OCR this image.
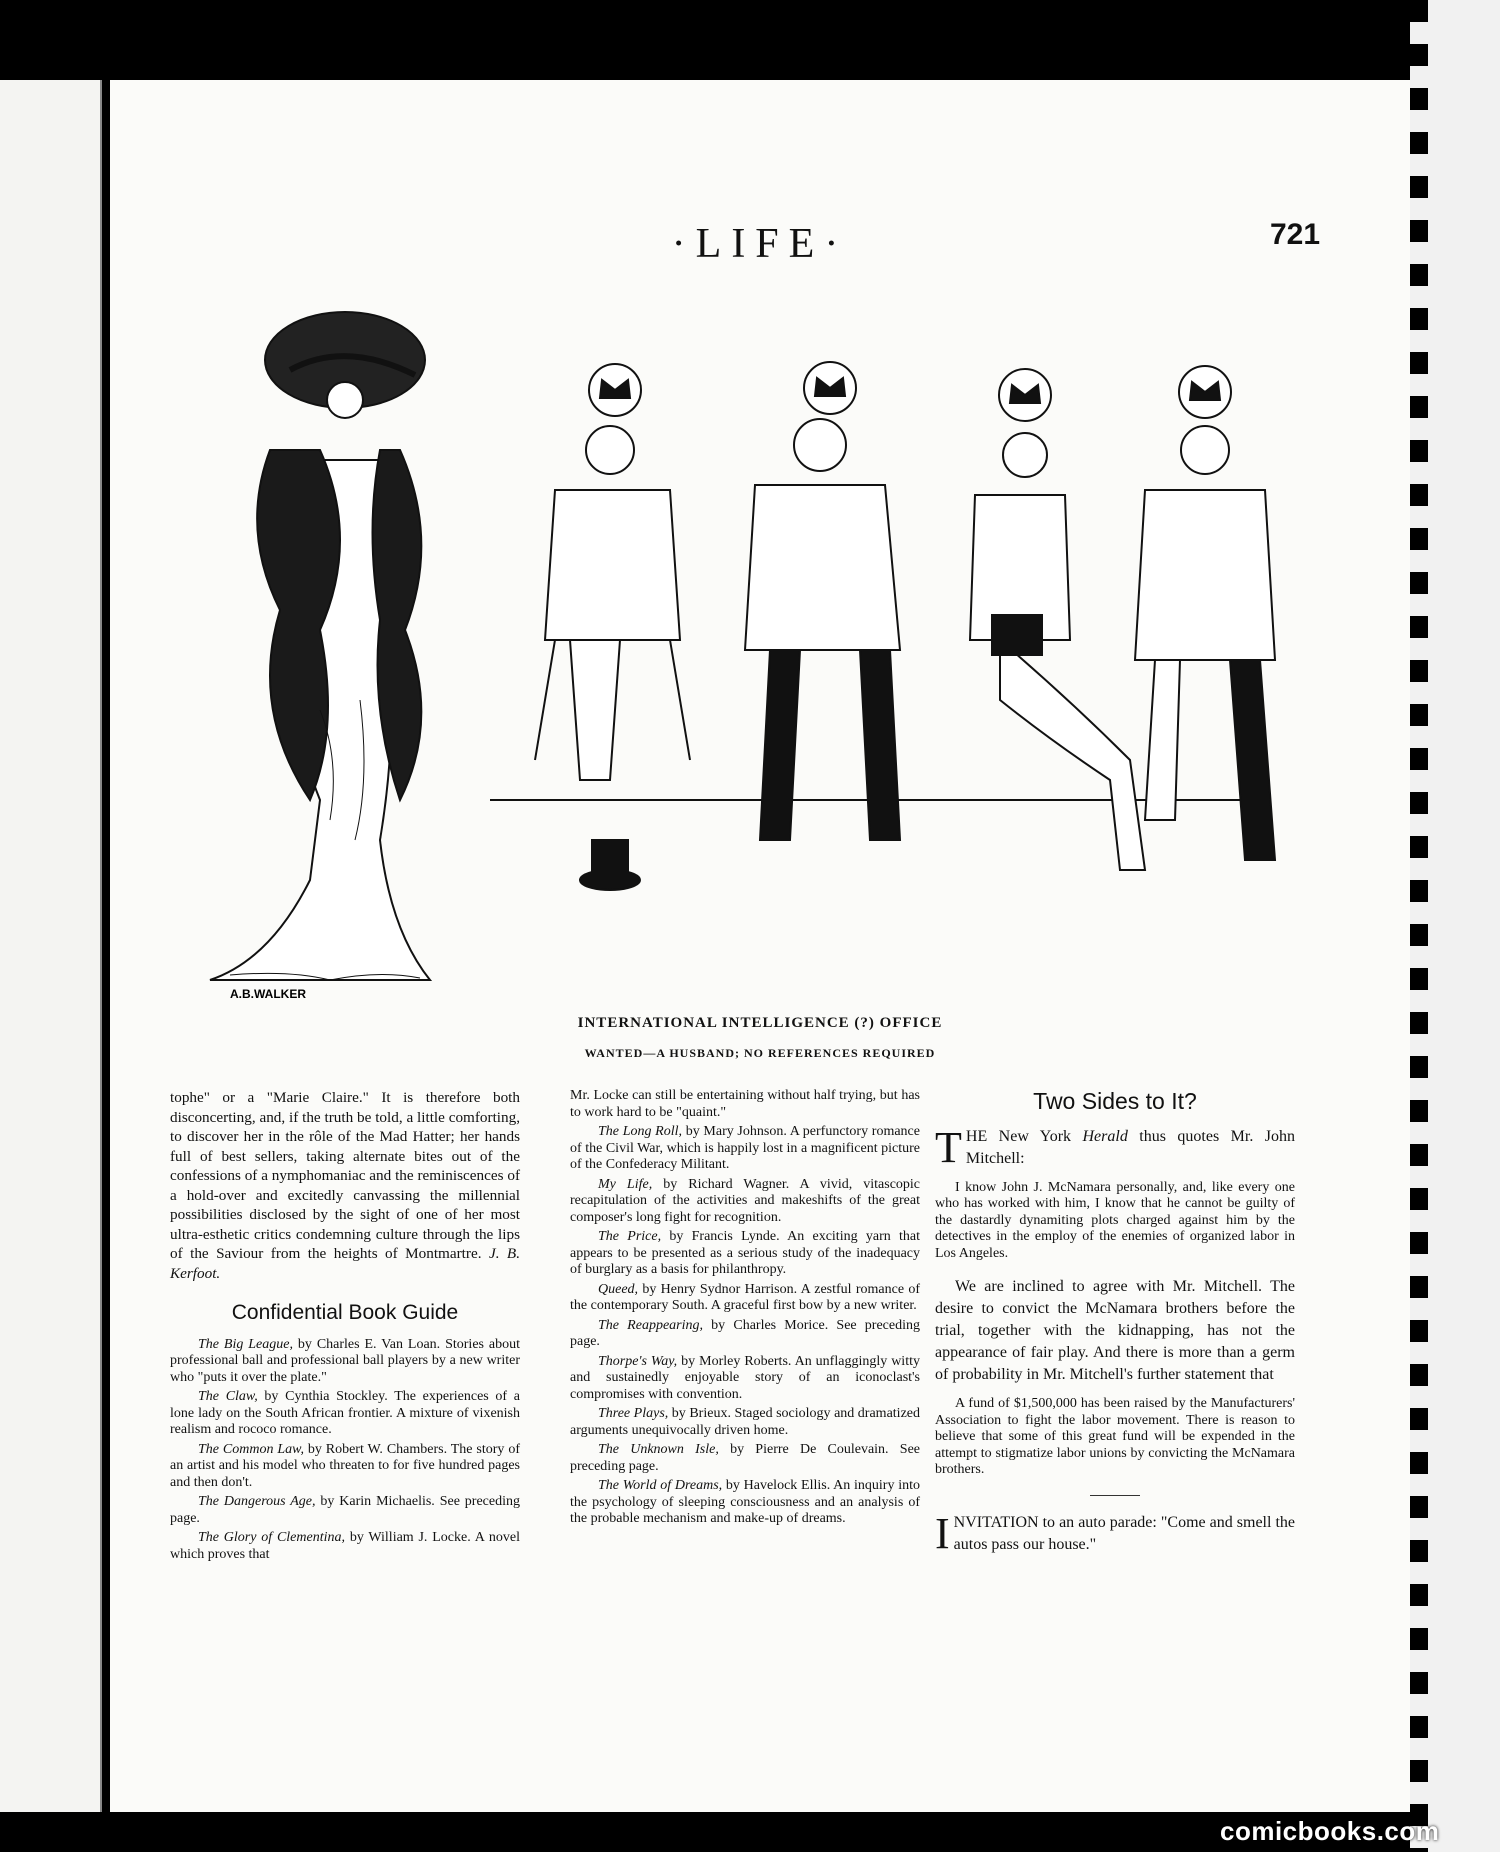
·LIFE·	721
A.B.WALKER
INTERNATIONAL INTELLIGENCE (?) OFFICE
WANTED—A HUSBAND; NO REFERENCES REQUIRED

tophe" or a "Marie Claire." It is therefore both disconcerting, and, if the truth be told, a little comforting, to discover her in the rôle of the Mad Hatter; her hands full of best sellers, taking alternate bites out of the confessions of a nymphomaniac and the reminiscences of a hold-over and excitedly canvassing the millennial possibilities disclosed by the sight of one of her most ultra-esthetic critics condemning culture through the lips of the Saviour from the heights of Montmartre. J. B. Kerfoot.

Confidential Book Guide

The Big League, by Charles E. Van Loan. Stories about professional ball and professional ball players by a new writer who "puts it over the plate."

The Claw, by Cynthia Stockley. The experiences of a lone lady on the South African frontier. A mixture of vixenish realism and rococo romance.

The Common Law, by Robert W. Chambers. The story of an artist and his model who threaten to for five hundred pages and then don't.

The Dangerous Age, by Karin Michaelis. See preceding page.

The Glory of Clementina, by William J. Locke. A novel which proves that

Mr. Locke can still be entertaining without half trying, but has to work hard to be "quaint."

The Long Roll, by Mary Johnson. A perfunctory romance of the Civil War, which is happily lost in a magnificent picture of the Confederacy Militant.

My Life, by Richard Wagner. A vivid, vitascopic recapitulation of the activities and makeshifts of the great composer's long fight for recognition.

The Price, by Francis Lynde. An exciting yarn that appears to be presented as a serious study of the inadequacy of burglary as a basis for philanthropy.

Queed, by Henry Sydnor Harrison. A zestful romance of the contemporary South. A graceful first bow by a new writer.

The Reappearing, by Charles Morice. See preceding page.

Thorpe's Way, by Morley Roberts. An unflaggingly witty and sustainedly enjoyable story of an iconoclast's compromises with convention.

Three Plays, by Brieux. Staged sociology and dramatized arguments unequivocally driven home.

The Unknown Isle, by Pierre De Coulevain. See preceding page.

The World of Dreams, by Havelock Ellis. An inquiry into the psychology of sleeping consciousness and an analysis of the probable mechanism and make-up of dreams.

Two Sides to It?

THE New York Herald thus quotes Mr. John Mitchell:

I know John J. McNamara personally, and, like every one who has worked with him, I know that he cannot be guilty of the dastardly dynamiting plots charged against him by the detectives in the employ of the enemies of organized labor in Los Angeles.

We are inclined to agree with Mr. Mitchell. The desire to convict the McNamara brothers before the trial, together with the kidnapping, has not the appearance of fair play. And there is more than a germ of probability in Mr. Mitchell's further statement that

A fund of $1,500,000 has been raised by the Manufacturers' Association to fight the labor movement. There is reason to believe that some of this great fund will be expended in the attempt to stigmatize labor unions by convicting the McNamara brothers.

INVITATION to an auto parade: "Come and smell the autos pass our house."

comicbooks.com
